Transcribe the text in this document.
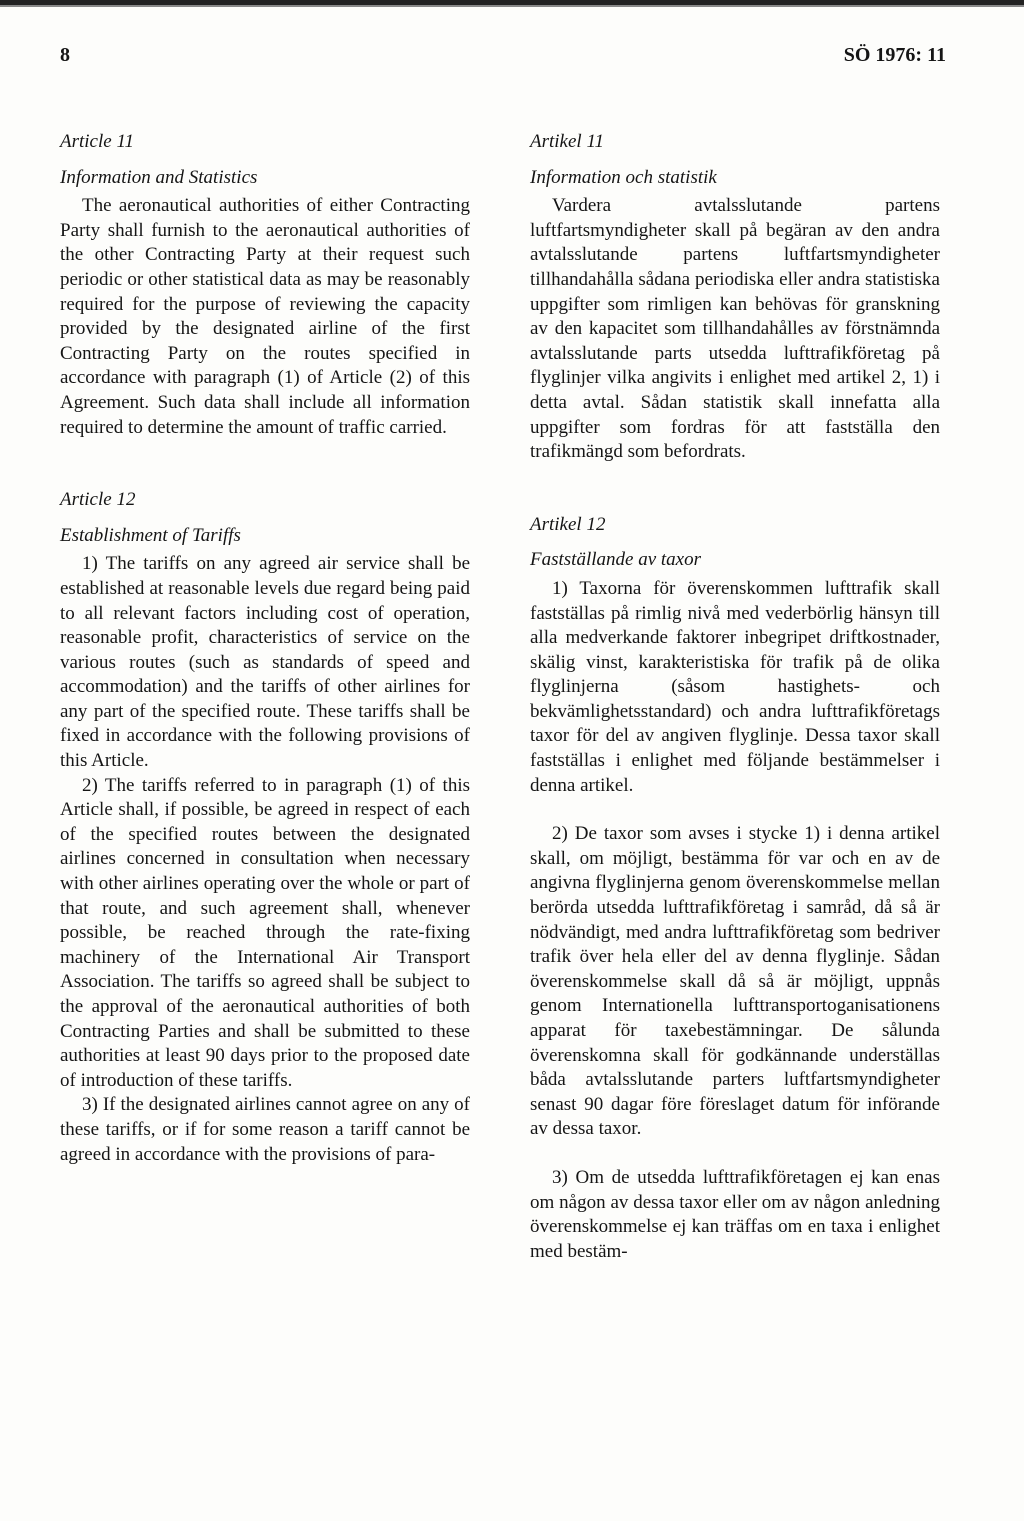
8	SÖ 1976: 11

Article 11

Information and Statistics

The aeronautical authorities of either Contracting Party shall furnish to the aeronautical authorities of the other Contracting Party at their request such periodic or other statistical data as may be reasonably required for the purpose of reviewing the capacity provided by the designated airline of the first Contracting Party on the routes specified in accordance with paragraph (1) of Article (2) of this Agreement. Such data shall include all information required to determine the amount of traffic carried.

Article 12

Establishment of Tariffs

1) The tariffs on any agreed air service shall be established at reasonable levels due regard being paid to all relevant factors including cost of operation, reasonable profit, characteristics of service on the various routes (such as standards of speed and accommodation) and the tariffs of other airlines for any part of the specified route. These tariffs shall be fixed in accordance with the following provisions of this Article.

2) The tariffs referred to in paragraph (1) of this Article shall, if possible, be agreed in respect of each of the specified routes between the designated airlines concerned in consultation when necessary with other airlines operating over the whole or part of that route, and such agreement shall, whenever possible, be reached through the rate-fixing machinery of the International Air Transport Association. The tariffs so agreed shall be subject to the approval of the aeronautical authorities of both Contracting Parties and shall be submitted to these authorities at least 90 days prior to the proposed date of introduction of these tariffs.

3) If the designated airlines cannot agree on any of these tariffs, or if for some reason a tariff cannot be agreed in accordance with the provisions of para-

Artikel 11

Information och statistik

Vardera avtalsslutande partens luftfartsmyndigheter skall på begäran av den andra avtalsslutande partens luftfartsmyndigheter tillhandahålla sådana periodiska eller andra statistiska uppgifter som rimligen kan behövas för granskning av den kapacitet som tillhandahålles av förstnämnda avtalsslutande parts utsedda lufttrafikföretag på flyglinjer vilka angivits i enlighet med artikel 2, 1) i detta avtal. Sådan statistik skall innefatta alla uppgifter som fordras för att fastställa den trafikmängd som befordrats.

Artikel 12

Fastställande av taxor

1) Taxorna för överenskommen lufttrafik skall fastställas på rimlig nivå med vederbörlig hänsyn till alla medverkande faktorer inbegripet driftkostnader, skälig vinst, karakteristiska för trafik på de olika flyglinjerna (såsom hastighets- och bekvämlighetsstandard) och andra lufttrafikföretags taxor för del av angiven flyglinje. Dessa taxor skall fastställas i enlighet med följande bestämmelser i denna artikel.

2) De taxor som avses i stycke 1) i denna artikel skall, om möjligt, bestämma för var och en av de angivna flyglinjerna genom överenskommelse mellan berörda utsedda lufttrafikföretag i samråd, då så är nödvändigt, med andra lufttrafikföretag som bedriver trafik över hela eller del av denna flyglinje. Sådan överenskommelse skall då så är möjligt, uppnås genom Internationella lufttransportoganisationens apparat för taxebestämningar. De sålunda överenskomna skall för godkännande underställas båda avtalsslutande parters luftfartsmyndigheter senast 90 dagar före föreslaget datum för införande av dessa taxor.

3) Om de utsedda lufttrafikföretagen ej kan enas om någon av dessa taxor eller om av någon anledning överenskommelse ej kan träffas om en taxa i enlighet med bestäm-
